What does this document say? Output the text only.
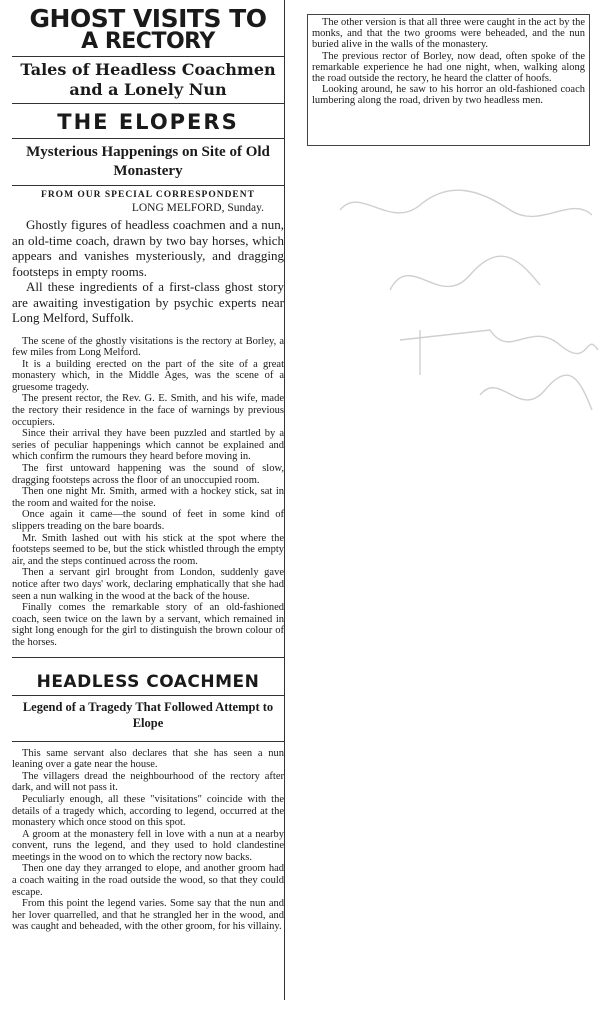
GHOST VISITS TO
A RECTORY
Tales of Headless Coachmen and a Lonely Nun
THE ELOPERS
Mysterious Happenings on Site of Old Monastery
FROM OUR SPECIAL CORRESPONDENT
LONG MELFORD, Sunday.

Ghostly figures of headless coachmen and a nun, an old-time coach, drawn by two bay horses, which appears and vanishes mysteriously, and dragging footsteps in empty rooms.

All these ingredients of a first-class ghost story are awaiting investigation by psychic experts near Long Melford, Suffolk.

The scene of the ghostly visitations is the rectory at Borley, a few miles from Long Melford.

It is a building erected on the part of the site of a great monastery which, in the Middle Ages, was the scene of a gruesome tragedy.

The present rector, the Rev. G. E. Smith, and his wife, made the rectory their residence in the face of warnings by previous occupiers.

Since their arrival they have been puzzled and startled by a series of peculiar happenings which cannot be explained and which confirm the rumours they heard before moving in.

The first untoward happening was the sound of slow, dragging footsteps across the floor of an unoccupied room.

Then one night Mr. Smith, armed with a hockey stick, sat in the room and waited for the noise.

Once again it came—the sound of feet in some kind of slippers treading on the bare boards.

Mr. Smith lashed out with his stick at the spot where the footsteps seemed to be, but the stick whistled through the empty air, and the steps continued across the room.

Then a servant girl brought from London, suddenly gave notice after two days' work, declaring emphatically that she had seen a nun walking in the wood at the back of the house.

Finally comes the remarkable story of an old-fashioned coach, seen twice on the lawn by a servant, which remained in sight long enough for the girl to distinguish the brown colour of the horses.

HEADLESS COACHMEN
Legend of a Tragedy That Followed Attempt to Elope

This same servant also declares that she has seen a nun leaning over a gate near the house.

The villagers dread the neighbourhood of the rectory after dark, and will not pass it.

Peculiarly enough, all these "visitations" coincide with the details of a tragedy which, according to legend, occurred at the monastery which once stood on this spot.

A groom at the monastery fell in love with a nun at a nearby convent, runs the legend, and they used to hold clandestine meetings in the wood on to which the rectory now backs.

Then one day they arranged to elope, and another groom had a coach waiting in the road outside the wood, so that they could escape.

From this point the legend varies. Some say that the nun and her lover quarrelled, and that he strangled her in the wood, and was caught and beheaded, with the other groom, for his villainy.

The other version is that all three were caught in the act by the monks, and that the two grooms were beheaded, and the nun buried alive in the walls of the monastery.

The previous rector of Borley, now dead, often spoke of the remarkable experience he had one night, when, walking along the road outside the rectory, he heard the clatter of hoofs.

Looking around, he saw to his horror an old-fashioned coach lumbering along the road, driven by two headless men.
